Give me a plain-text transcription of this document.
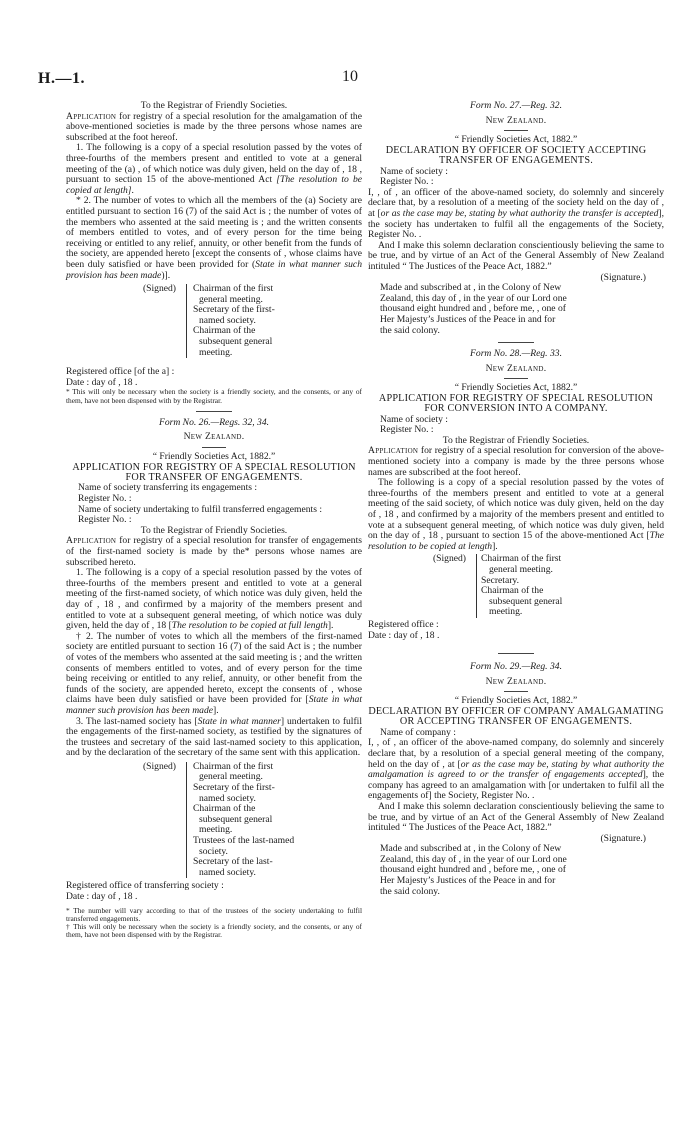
H.—1.	10

To the Registrar of Friendly Societies.

Application for registry of a special resolution for the amalgamation of the above-mentioned societies is made by the three persons whose names are subscribed at the foot hereof.

1. The following is a copy of a special resolution passed by the votes of three-fourths of the members present and entitled to vote at a general meeting of the (a) , of which notice was duly given, held on the day of , 18 , pursuant to section 15 of the above-mentioned Act [The resolution to be copied at length].

* 2. The number of votes to which all the members of the (a) Society are entitled pursuant to section 16 (7) of the said Act is ; the number of votes of the members who assented at the said meeting is ; and the written consents of members entitled to votes, and of every person for the time being receiving or entitled to any relief, annuity, or other benefit from the funds of the society, are appended hereto [except the consents of , whose claims have been duly satisfied or have been provided for (State in what manner such provision has been made)].

(Signed)	Chairman of the first general meeting.

Secretary of the first-named society.

Chairman of the subsequent general meeting.

Registered office [of the a] :

Date : day of , 18 .

* This will only be necessary when the society is a friendly society, and the consents, or any of them, have not been dispensed with by the Registrar.

Form No. 26.—Regs. 32, 34.

New Zealand.

“ Friendly Societies Act, 1882.”

APPLICATION FOR REGISTRY OF A SPECIAL RESOLUTION FOR TRANSFER OF ENGAGEMENTS.

Name of society transferring its engagements :

Register No. :

Name of society undertaking to fulfil transferred engagements :

Register No. :

To the Registrar of Friendly Societies.

Application for registry of a special resolution for transfer of engagements of the first-named society is made by the* persons whose names are subscribed hereto.

1. The following is a copy of a special resolution passed by the votes of three-fourths of the members present and entitled to vote at a general meeting of the first-named society, of which notice was duly given, held the day of , 18 , and confirmed by a majority of the members present and entitled to vote at a subsequent general meeting, of which notice was duly given, held the day of , 18 [The resolution to be copied at full length].

† 2. The number of votes to which all the members of the first-named society are entitled pursuant to section 16 (7) of the said Act is ; the number of votes of the members who assented at the said meeting is ; and the written consents of members entitled to votes, and of every person for the time being receiving or entitled to any relief, annuity, or other benefit from the funds of the society, are appended hereto, except the consents of , whose claims have been duly satisfied or have been provided for [State in what manner such provision has been made].

3. The last-named society has [State in what manner] undertaken to fulfil the engagements of the first-named society, as testified by the signatures of the trustees and secretary of the said last-named society to this application, and by the declaration of the secretary of the same sent with this application.

(Signed)	Chairman of the first general meeting.

Secretary of the first-named society.

Chairman of the subsequent general meeting.

Trustees of the last-named society.

Secretary of the last-named society.

Registered office of transferring society :

Date : day of , 18 .

* The number will vary according to that of the trustees of the society undertaking to fulfil transferred engagements.

† This will only be necessary when the society is a friendly society, and the consents, or any of them, have not been dispensed with by the Registrar.

Form No. 27.—Reg. 32.

New Zealand.

“ Friendly Societies Act, 1882.”

DECLARATION BY OFFICER OF SOCIETY ACCEPTING TRANSFER OF ENGAGEMENTS.

Name of society :

Register No. :

I, , of , an officer of the above-named society, do solemnly and sincerely declare that, by a resolution of a meeting of the society held on the day of , at [or as the case may be, stating by what authority the transfer is accepted], the society has undertaken to fulfil all the engagements of the Society, Register No. .

And I make this solemn declaration conscientiously believing the same to be true, and by virtue of an Act of the General Assembly of New Zealand intituled “ The Justices of the Peace Act, 1882.”

(Signature.)

Made and subscribed at , in the Colony of New Zealand, this day of , in the year of our Lord one thousand eight hundred and , before me, , one of Her Majesty’s Justices of the Peace in and for the said colony.

Form No. 28.—Reg. 33.

New Zealand.

“ Friendly Societies Act, 1882.”

APPLICATION FOR REGISTRY OF SPECIAL RESOLUTION FOR CONVERSION INTO A COMPANY.

Name of society :

Register No. :

To the Registrar of Friendly Societies.

Application for registry of a special resolution for conversion of the above-mentioned society into a company is made by the three persons whose names are subscribed at the foot hereof.

The following is a copy of a special resolution passed by the votes of three-fourths of the members present and entitled to vote at a general meeting of the said society, of which notice was duly given, held on the day of , 18 , and confirmed by a majority of the members present and entitled to vote at a subsequent general meeting, of which notice was duly given, held on the day of , 18 , pursuant to section 15 of the above-mentioned Act [The resolution to be copied at length].

(Signed)	Chairman of the first general meeting.

Secretary.

Chairman of the subsequent general meeting.

Registered office :

Date : day of , 18 .

Form No. 29.—Reg. 34.

New Zealand.

“ Friendly Societies Act, 1882.”

DECLARATION BY OFFICER OF COMPANY AMALGAMATING OR ACCEPTING TRANSFER OF ENGAGEMENTS.

Name of company :

I, , of , an officer of the above-named company, do solemnly and sincerely declare that, by a resolution of a special general meeting of the company, held on the day of , at [or as the case may be, stating by what authority the amalgamation is agreed to or the transfer of engagements accepted], the company has agreed to an amalgamation with [or undertaken to fulfil all the engagements of] the Society, Register No. .

And I make this solemn declaration conscientiously believing the same to be true, and by virtue of an Act of the General Assembly of New Zealand intituled “ The Justices of the Peace Act, 1882.”

(Signature.)

Made and subscribed at , in the Colony of New Zealand, this day of , in the year of our Lord one thousand eight hundred and , before me, , one of Her Majesty’s Justices of the Peace in and for the said colony.
